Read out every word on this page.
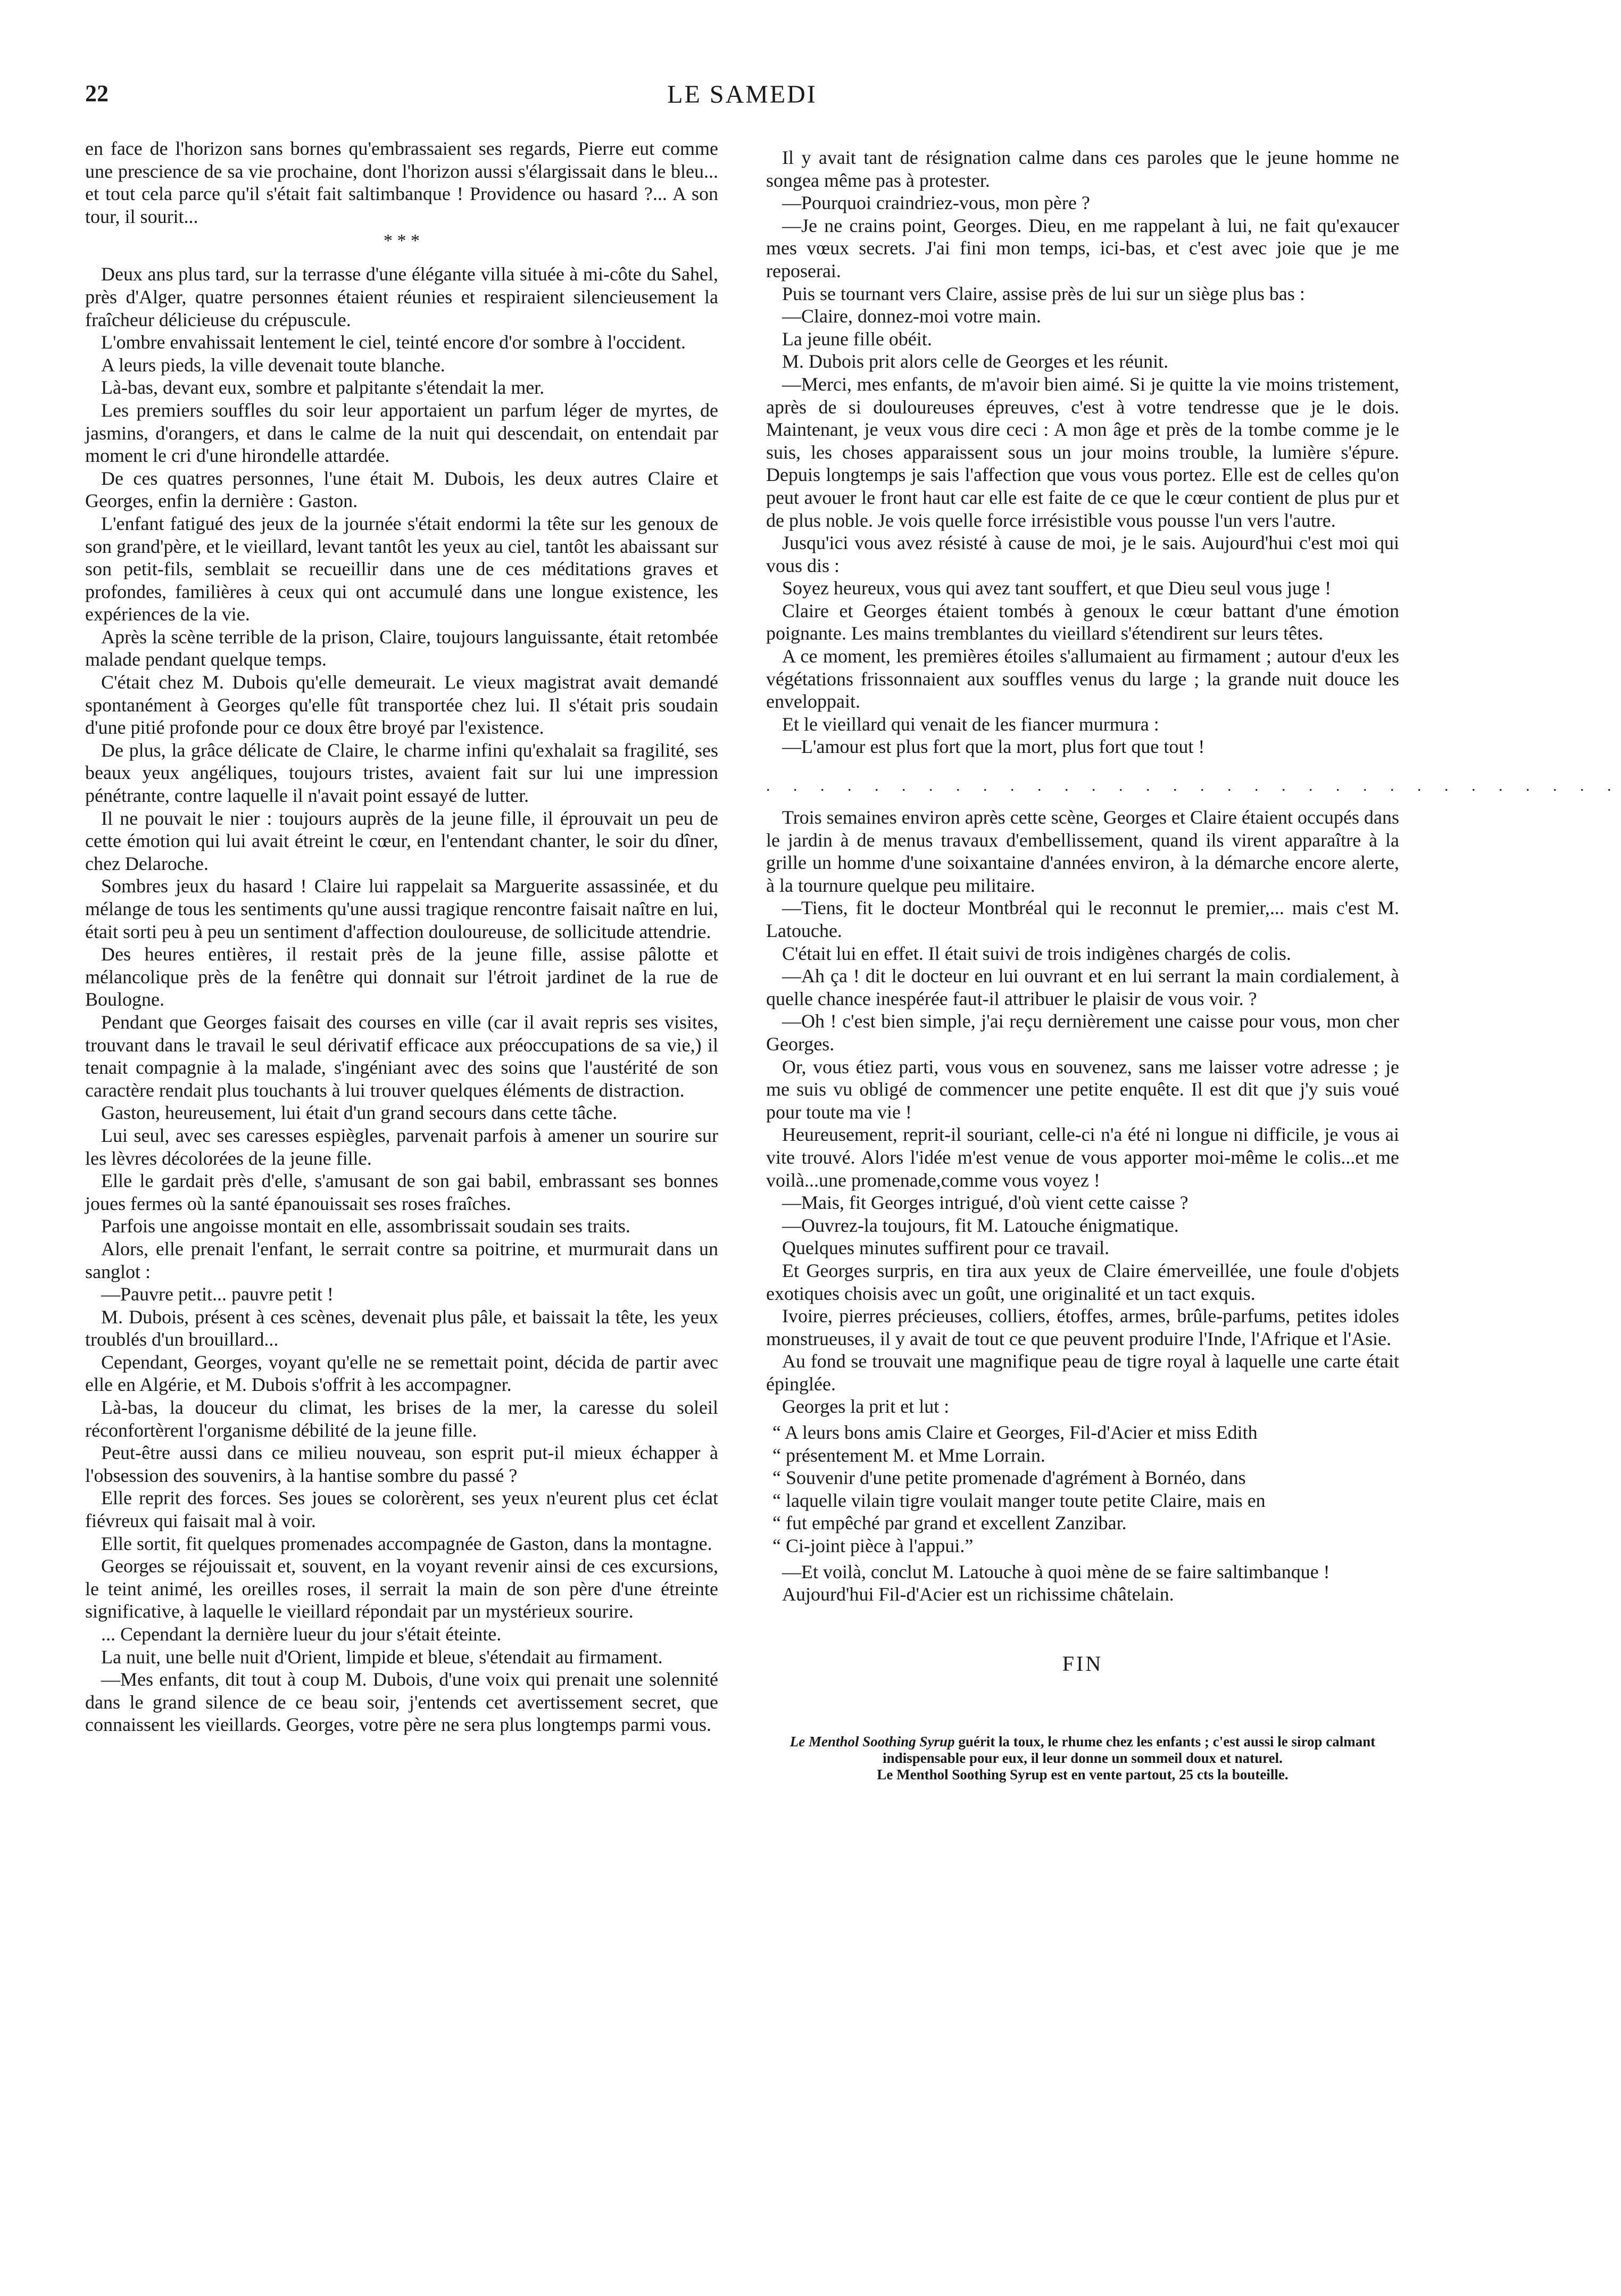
22	LE SAMEDI

en face de l'horizon sans bornes qu'embrassaient ses regards, Pierre eut comme une prescience de sa vie prochaine, dont l'horizon aussi s'élargissait dans le bleu... et tout cela parce qu'il s'était fait saltimbanque ! Providence ou hasard ?... A son tour, il sourit...

* * *

Deux ans plus tard, sur la terrasse d'une élégante villa située à mi-côte du Sahel, près d'Alger, quatre personnes étaient réunies et respiraient silencieusement la fraîcheur délicieuse du crépuscule.

L'ombre envahissait lentement le ciel, teinté encore d'or sombre à l'occident.

A leurs pieds, la ville devenait toute blanche.

Là-bas, devant eux, sombre et palpitante s'étendait la mer.

Les premiers souffles du soir leur apportaient un parfum léger de myrtes, de jasmins, d'orangers, et dans le calme de la nuit qui descendait, on entendait par moment le cri d'une hirondelle attardée.

De ces quatres personnes, l'une était M. Dubois, les deux autres Claire et Georges, enfin la dernière : Gaston.

L'enfant fatigué des jeux de la journée s'était endormi la tête sur les genoux de son grand'père, et le vieillard, levant tantôt les yeux au ciel, tantôt les abaissant sur son petit-fils, semblait se recueillir dans une de ces méditations graves et profondes, familières à ceux qui ont accumulé dans une longue existence, les expériences de la vie.

Après la scène terrible de la prison, Claire, toujours languissante, était retombée malade pendant quelque temps.

C'était chez M. Dubois qu'elle demeurait. Le vieux magistrat avait demandé spontanément à Georges qu'elle fût transportée chez lui. Il s'était pris soudain d'une pitié profonde pour ce doux être broyé par l'existence.

De plus, la grâce délicate de Claire, le charme infini qu'exhalait sa fragilité, ses beaux yeux angéliques, toujours tristes, avaient fait sur lui une impression pénétrante, contre laquelle il n'avait point essayé de lutter.

Il ne pouvait le nier : toujours auprès de la jeune fille, il éprouvait un peu de cette émotion qui lui avait étreint le cœur, en l'entendant chanter, le soir du dîner, chez Delaroche.

Sombres jeux du hasard ! Claire lui rappelait sa Marguerite assassinée, et du mélange de tous les sentiments qu'une aussi tragique rencontre faisait naître en lui, était sorti peu à peu un sentiment d'affection douloureuse, de sollicitude attendrie.

Des heures entières, il restait près de la jeune fille, assise pâlotte et mélancolique près de la fenêtre qui donnait sur l'étroit jardinet de la rue de Boulogne.

Pendant que Georges faisait des courses en ville (car il avait repris ses visites, trouvant dans le travail le seul dérivatif efficace aux préoccupations de sa vie,) il tenait compagnie à la malade, s'ingéniant avec des soins que l'austérité de son caractère rendait plus touchants à lui trouver quelques éléments de distraction.

Gaston, heureusement, lui était d'un grand secours dans cette tâche.

Lui seul, avec ses caresses espiègles, parvenait parfois à amener un sourire sur les lèvres décolorées de la jeune fille.

Elle le gardait près d'elle, s'amusant de son gai babil, embrassant ses bonnes joues fermes où la santé épanouissait ses roses fraîches.

Parfois une angoisse montait en elle, assombrissait soudain ses traits.

Alors, elle prenait l'enfant, le serrait contre sa poitrine, et murmurait dans un sanglot :

—Pauvre petit... pauvre petit !

M. Dubois, présent à ces scènes, devenait plus pâle, et baissait la tête, les yeux troublés d'un brouillard...

Cependant, Georges, voyant qu'elle ne se remettait point, décida de partir avec elle en Algérie, et M. Dubois s'offrit à les accompagner.

Là-bas, la douceur du climat, les brises de la mer, la caresse du soleil réconfortèrent l'organisme débilité de la jeune fille.

Peut-être aussi dans ce milieu nouveau, son esprit put-il mieux échapper à l'obsession des souvenirs, à la hantise sombre du passé ?

Elle reprit des forces. Ses joues se colorèrent, ses yeux n'eurent plus cet éclat fiévreux qui faisait mal à voir.

Elle sortit, fit quelques promenades accompagnée de Gaston, dans la montagne.

Georges se réjouissait et, souvent, en la voyant revenir ainsi de ces excursions, le teint animé, les oreilles roses, il serrait la main de son père d'une étreinte significative, à laquelle le vieillard répondait par un mystérieux sourire.

... Cependant la dernière lueur du jour s'était éteinte.

La nuit, une belle nuit d'Orient, limpide et bleue, s'étendait au firmament.

—Mes enfants, dit tout à coup M. Dubois, d'une voix qui prenait une solennité dans le grand silence de ce beau soir, j'entends cet avertissement secret, que connaissent les vieillards. Georges, votre père ne sera plus longtemps parmi vous.

Il y avait tant de résignation calme dans ces paroles que le jeune homme ne songea même pas à protester.

—Pourquoi craindriez-vous, mon père ?

—Je ne crains point, Georges. Dieu, en me rappelant à lui, ne fait qu'exaucer mes vœux secrets. J'ai fini mon temps, ici-bas, et c'est avec joie que je me reposerai.

Puis se tournant vers Claire, assise près de lui sur un siège plus bas :

—Claire, donnez-moi votre main.

La jeune fille obéit.

M. Dubois prit alors celle de Georges et les réunit.

—Merci, mes enfants, de m'avoir bien aimé. Si je quitte la vie moins tristement, après de si douloureuses épreuves, c'est à votre tendresse que je le dois. Maintenant, je veux vous dire ceci : A mon âge et près de la tombe comme je le suis, les choses apparaissent sous un jour moins trouble, la lumière s'épure. Depuis longtemps je sais l'affection que vous vous portez. Elle est de celles qu'on peut avouer le front haut car elle est faite de ce que le cœur contient de plus pur et de plus noble. Je vois quelle force irrésistible vous pousse l'un vers l'autre.

Jusqu'ici vous avez résisté à cause de moi, je le sais. Aujourd'hui c'est moi qui vous dis :

Soyez heureux, vous qui avez tant souffert, et que Dieu seul vous juge !

Claire et Georges étaient tombés à genoux le cœur battant d'une émotion poignante. Les mains tremblantes du vieillard s'étendirent sur leurs têtes.

A ce moment, les premières étoiles s'allumaient au firmament ; autour d'eux les végétations frissonnaient aux souffles venus du large ; la grande nuit douce les enveloppait.

Et le vieillard qui venait de les fiancer murmura :

—L'amour est plus fort que la mort, plus fort que tout !

. . . . . . . . . . . . . . . . . . . . . . . . . . . . . . . .

Trois semaines environ après cette scène, Georges et Claire étaient occupés dans le jardin à de menus travaux d'embellissement, quand ils virent apparaître à la grille un homme d'une soixantaine d'années environ, à la démarche encore alerte, à la tournure quelque peu militaire.

—Tiens, fit le docteur Montbréal qui le reconnut le premier,... mais c'est M. Latouche.

C'était lui en effet. Il était suivi de trois indigènes chargés de colis.

—Ah ça ! dit le docteur en lui ouvrant et en lui serrant la main cordialement, à quelle chance inespérée faut-il attribuer le plaisir de vous voir. ?

—Oh ! c'est bien simple, j'ai reçu dernièrement une caisse pour vous, mon cher Georges.

Or, vous étiez parti, vous vous en souvenez, sans me laisser votre adresse ; je me suis vu obligé de commencer une petite enquête. Il est dit que j'y suis voué pour toute ma vie !

Heureusement, reprit-il souriant, celle-ci n'a été ni longue ni difficile, je vous ai vite trouvé. Alors l'idée m'est venue de vous apporter moi-même le colis...et me voilà...une promenade,comme vous voyez !

—Mais, fit Georges intrigué, d'où vient cette caisse ?

—Ouvrez-la toujours, fit M. Latouche énigmatique.

Quelques minutes suffirent pour ce travail.

Et Georges surpris, en tira aux yeux de Claire émerveillée, une foule d'objets exotiques choisis avec un goût, une originalité et un tact exquis.

Ivoire, pierres précieuses, colliers, étoffes, armes, brûle-parfums, petites idoles monstrueuses, il y avait de tout ce que peuvent produire l'Inde, l'Afrique et l'Asie.

Au fond se trouvait une magnifique peau de tigre royal à laquelle une carte était épinglée.

Georges la prit et lut :

“ A leurs bons amis Claire et Georges, Fil-d'Acier et miss Edith

“ présentement M. et Mme Lorrain.

“ Souvenir d'une petite promenade d'agrément à Bornéo, dans

“ laquelle vilain tigre voulait manger toute petite Claire, mais en

“ fut empêché par grand et excellent Zanzibar.

“ Ci-joint pièce à l'appui.”

—Et voilà, conclut M. Latouche à quoi mène de se faire saltimbanque !

Aujourd'hui Fil-d'Acier est un richissime châtelain.

FIN
Le Menthol Soothing Syrup guérit la toux, le rhume chez les enfants ; c'est aussi le sirop calmant indispensable pour eux, il leur donne un sommeil doux et naturel.
Le Menthol Soothing Syrup est en vente partout, 25 cts la bouteille.
